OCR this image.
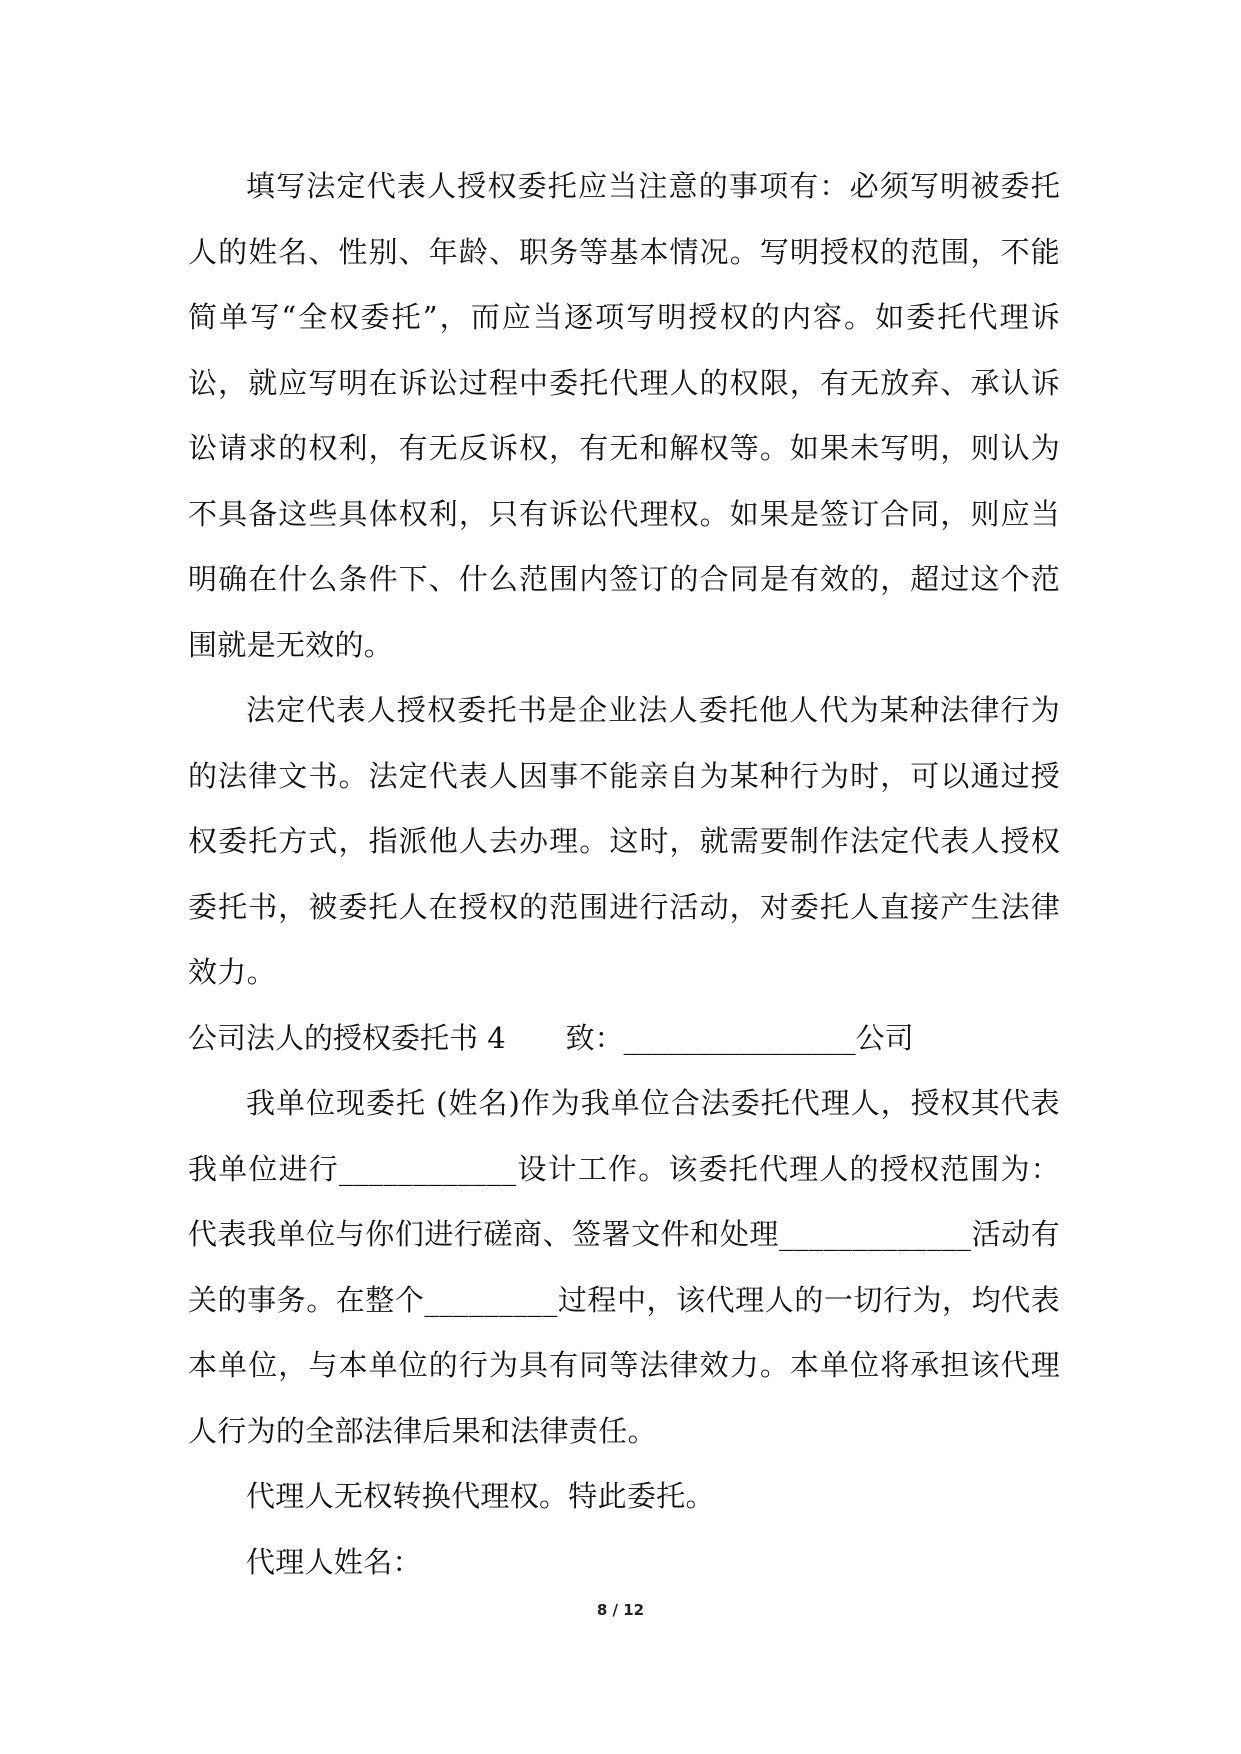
填写法定代表人授权委托应当注意的事项有：必须写明被委托人的姓名、性别、年龄、职务等基本情况。写明授权的范围，不能简单写“全权委托”，而应当逐项写明授权的内容。如委托代理诉讼，就应写明在诉讼过程中委托代理人的权限，有无放弃、承认诉讼请求的权利，有无反诉权，有无和解权等。如果未写明，则认为不具备这些具体权利，只有诉讼代理权。如果是签订合同，则应当明确在什么条件下、什么范围内签订的合同是有效的，超过这个范围就是无效的。

法定代表人授权委托书是企业法人委托他人代为某种法律行为的法律文书。法定代表人因事不能亲自为某种行为时，可以通过授权委托方式，指派他人去办理。这时，就需要制作法定代表人授权委托书，被委托人在授权的范围进行活动，对委托人直接产生法律效力。

公司法人的授权委托书 4 致：________________公司

我单位现委托 (姓名)作为我单位合法委托代理人，授权其代表我单位进行____________设计工作。该委托代理人的授权范围为：代表我单位与你们进行磋商、签署文件和处理_____________活动有关的事务。在整个_________过程中，该代理人的一切行为，均代表本单位，与本单位的行为具有同等法律效力。本单位将承担该代理人行为的全部法律后果和法律责任。

代理人无权转换代理权。特此委托。

代理人姓名：

8 / 12
